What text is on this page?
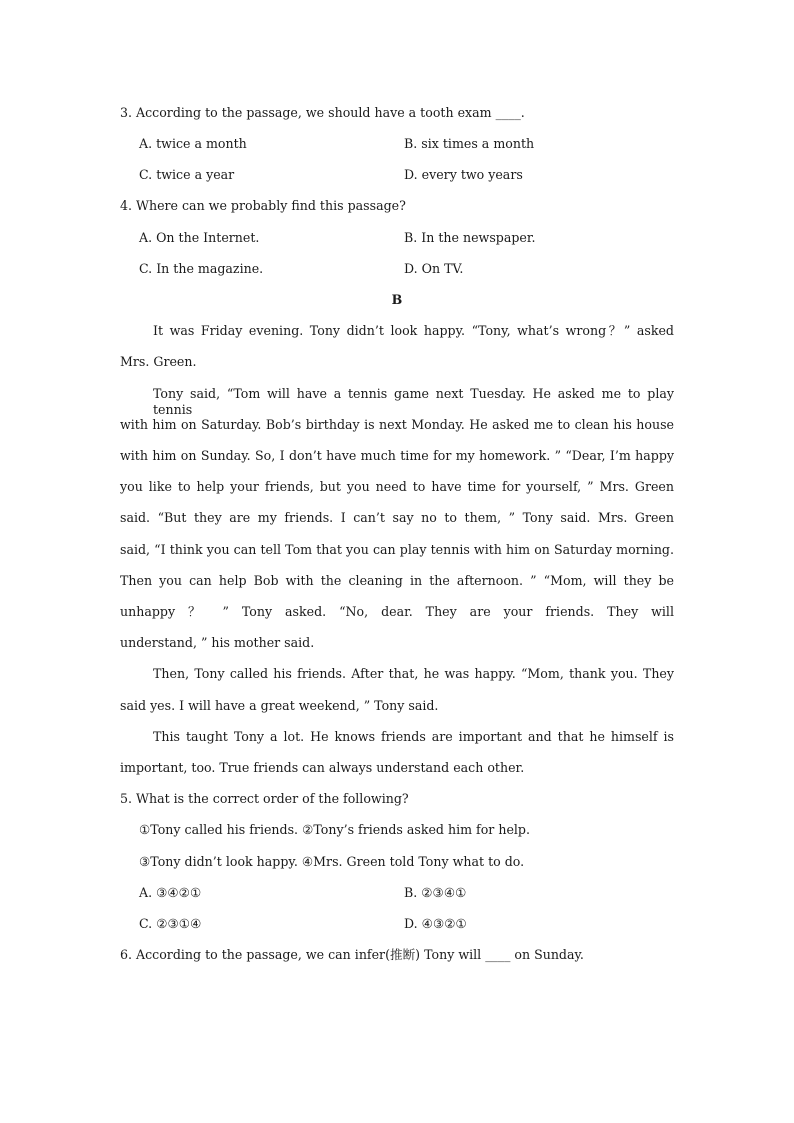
3. According to the passage, we should have a tooth exam ____.
A. twice a month	B. six times a month
C. twice a year	D. every two years
4. Where can we probably find this passage?
A. On the Internet.	B. In the newspaper.
C. In the magazine.	D. On TV.
B
It was Friday evening. Tony didn’t look happy. “Tony, what’s wrong？” asked
Mrs. Green.
Tony said, “Tom will have a tennis game next Tuesday. He asked me to play tennis
with him on Saturday. Bob’s birthday is next Monday. He asked me to clean his house
with him on Sunday. So, I don’t have much time for my homework. ” “Dear, I’m happy
you like to help your friends, but you need to have time for yourself, ” Mrs. Green
said. “But they are my friends. I can’t say no to them, ” Tony said. Mrs. Green
said, “I think you can tell Tom that you can play tennis with him on Saturday morning.
Then you can help Bob with the cleaning in the afternoon. ” “Mom, will they be
unhappy ？ ” Tony asked. “No, dear. They are your friends. They will
understand, ” his mother said.
Then, Tony called his friends. After that, he was happy. “Mom, thank you. They
said yes. I will have a great weekend, ” Tony said.
This taught Tony a lot. He knows friends are important and that he himself is
important, too. True friends can always understand each other.
5. What is the correct order of the following?
①Tony called his friends. ②Tony’s friends asked him for help.
③Tony didn’t look happy. ④Mrs. Green told Tony what to do.
A. ③④②①	B. ②③④①
C. ②③①④	D. ④③②①
6. According to the passage, we can infer(推断) Tony will ____ on Sunday.
